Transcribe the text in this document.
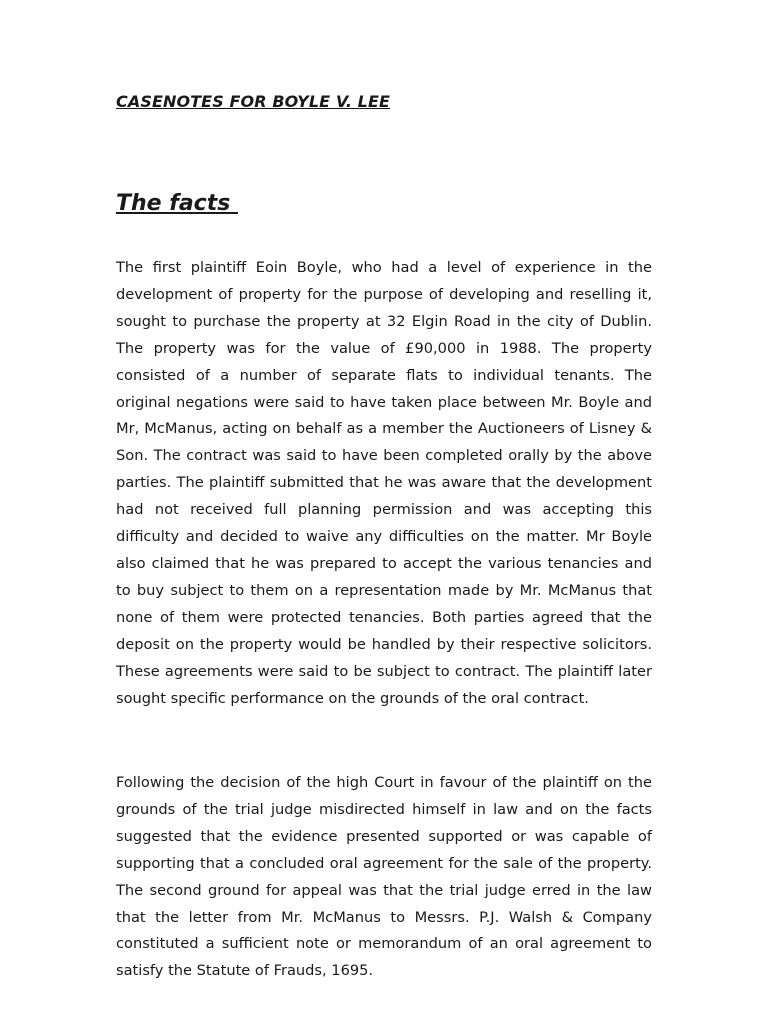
CASENOTES FOR BOYLE V. LEE
The facts

The first plaintiff Eoin Boyle, who had a level of experience in the development of property for the purpose of developing and reselling it, sought to purchase the property at 32 Elgin Road in the city of Dublin. The property was for the value of £90,000 in 1988. The property consisted of a number of separate flats to individual tenants. The original negations were said to have taken place between Mr. Boyle and Mr, McManus, acting on behalf as a member the Auctioneers of Lisney & Son. The contract was said to have been completed orally by the above parties. The plaintiff submitted that he was aware that the development had not received full planning permission and was accepting this difficulty and decided to waive any difficulties on the matter. Mr Boyle also claimed that he was prepared to accept the various tenancies and to buy subject to them on a representation made by Mr. McManus that none of them were protected tenancies. Both parties agreed that the deposit on the property would be handled by their respective solicitors. These agreements were said to be subject to contract. The plaintiff later sought specific performance on the grounds of the oral contract.

Following the decision of the high Court in favour of the plaintiff on the grounds of the trial judge misdirected himself in law and on the facts suggested that the evidence presented supported or was capable of supporting that a concluded oral agreement for the sale of the property. The second ground for appeal was that the trial judge erred in the law that the letter from Mr. McManus to Messrs. P.J. Walsh & Company constituted a sufficient note or memorandum of an oral agreement to satisfy the Statute of Frauds, 1695.
